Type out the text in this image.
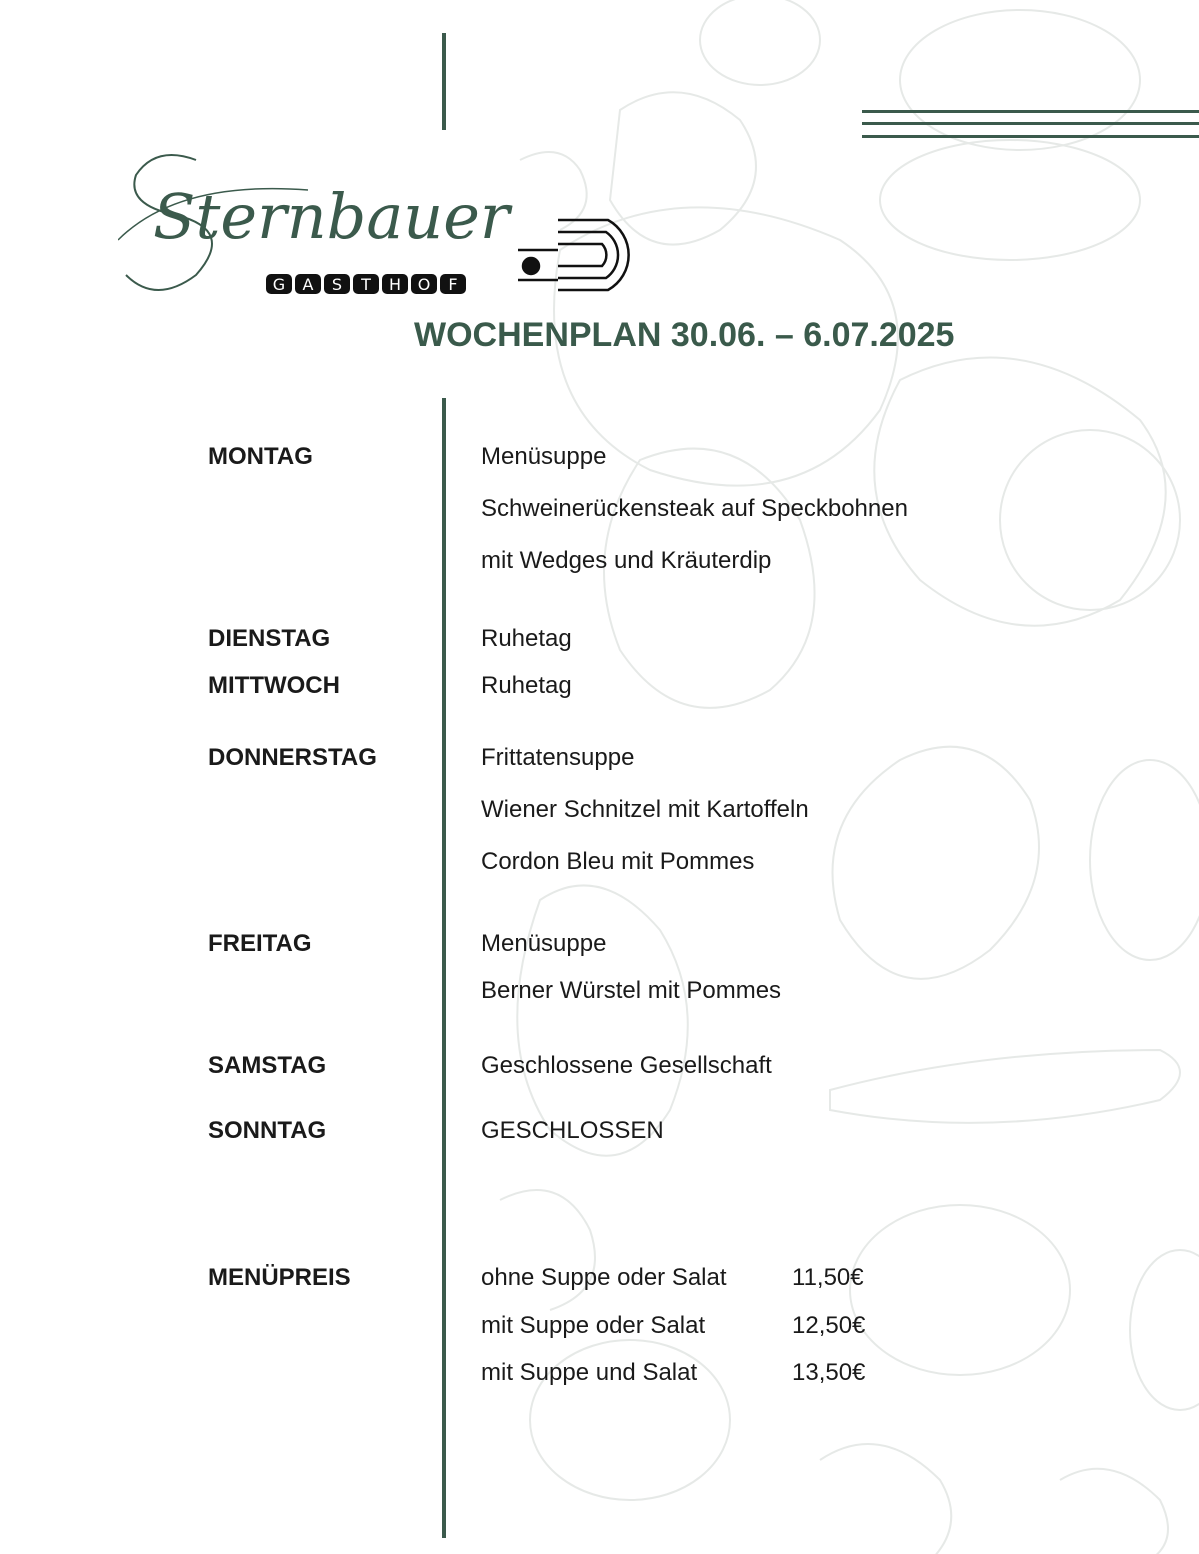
Sternbauer
G A S T H O F
WOCHENPLAN 30.06. – 6.07.2025
MONTAG	Menüsuppe
Schweinerückensteak auf Speckbohnen
mit Wedges und Kräuterdip
DIENSTAG	Ruhetag
MITTWOCH	Ruhetag
DONNERSTAG	Frittatensuppe
Wiener Schnitzel mit Kartoffeln
Cordon Bleu mit Pommes
FREITAG	Menüsuppe
Berner Würstel mit Pommes
SAMSTAG	Geschlossene Gesellschaft
SONNTAG	GESCHLOSSEN
MENÜPREIS	ohne Suppe oder Salat	11,50€
mit Suppe oder Salat	12,50€
mit Suppe und Salat	13,50€
